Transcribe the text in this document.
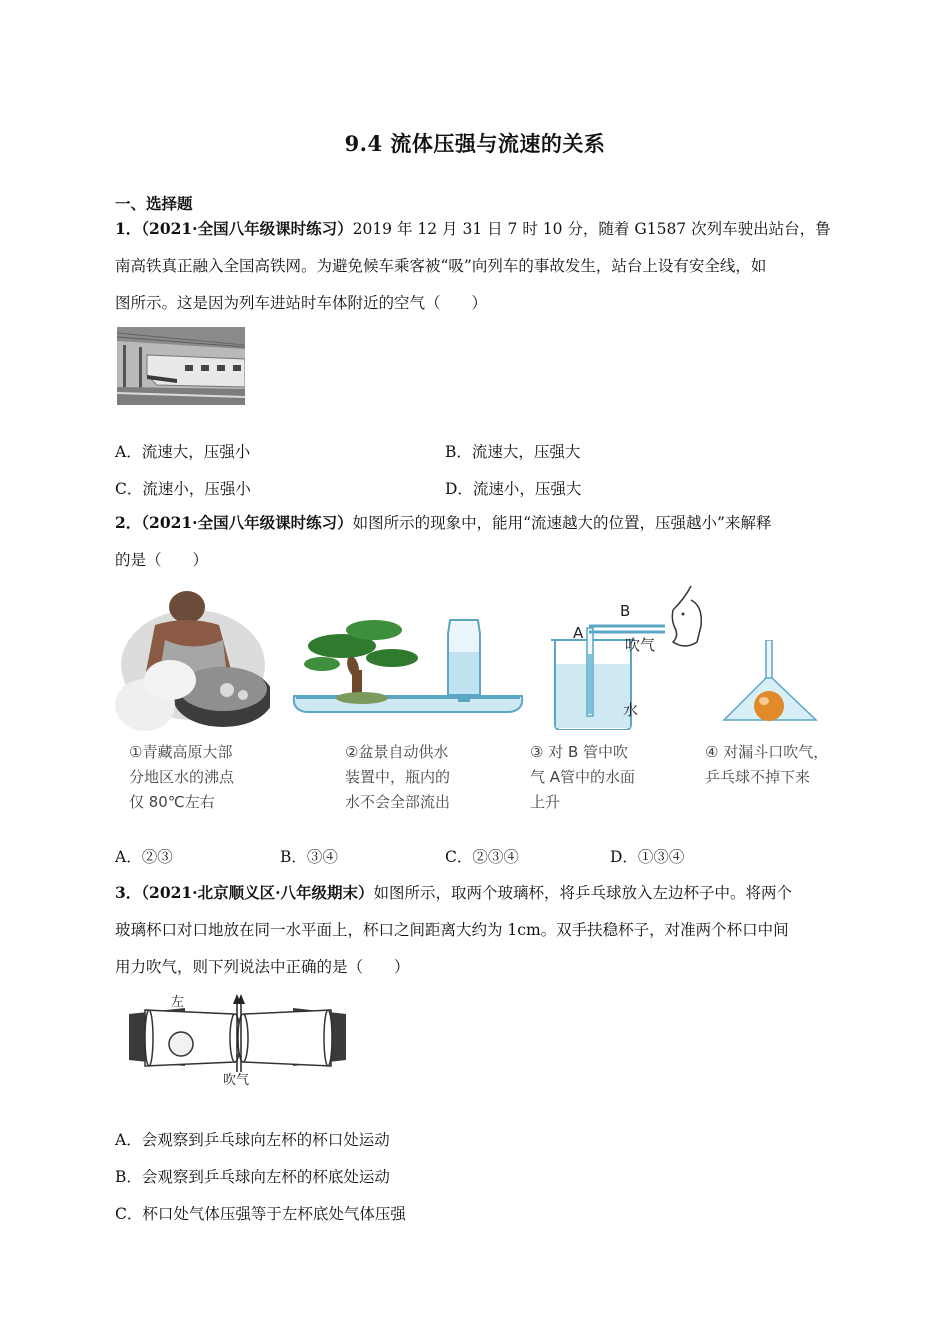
9.4 流体压强与流速的关系
一、选择题
1．（2021·全国八年级课时练习）2019 年 12 月 31 日 7 时 10 分，随着 G1587 次列车驶出站台，鲁
南高铁真正融入全国高铁网。为避免候车乘客被“吸”向列车的事故发生，站台上设有安全线，如
图所示。这是因为列车进站时车体附近的空气（　　）
A．流速大，压强小	B．流速大，压强大
C．流速小，压强小	D．流速小，压强大
2．（2021·全国八年级课时练习）如图所示的现象中，能用“流速越大的位置，压强越小”来解释
的是（　　）
A
B
吹气
水
①青藏高原大部
分地区水的沸点
仅 80℃左右
②盆景自动供水
装置中，瓶内的
水不会全部流出
③ 对 B 管中吹
气 A管中的水面
上升
④ 对漏斗口吹气，
乒乓球不掉下来
A．②③	B．③④	C．②③④	D．①③④
3．（2021·北京顺义区·八年级期末）如图所示，取两个玻璃杯，将乒乓球放入左边杯子中。将两个
玻璃杯口对口地放在同一水平面上，杯口之间距离大约为 1cm。双手扶稳杯子，对准两个杯口中间
用力吹气，则下列说法中正确的是（　　）
左
吹气
A．会观察到乒乓球向左杯的杯口处运动
B．会观察到乒乓球向左杯的杯底处运动
C．杯口处气体压强等于左杯底处气体压强
